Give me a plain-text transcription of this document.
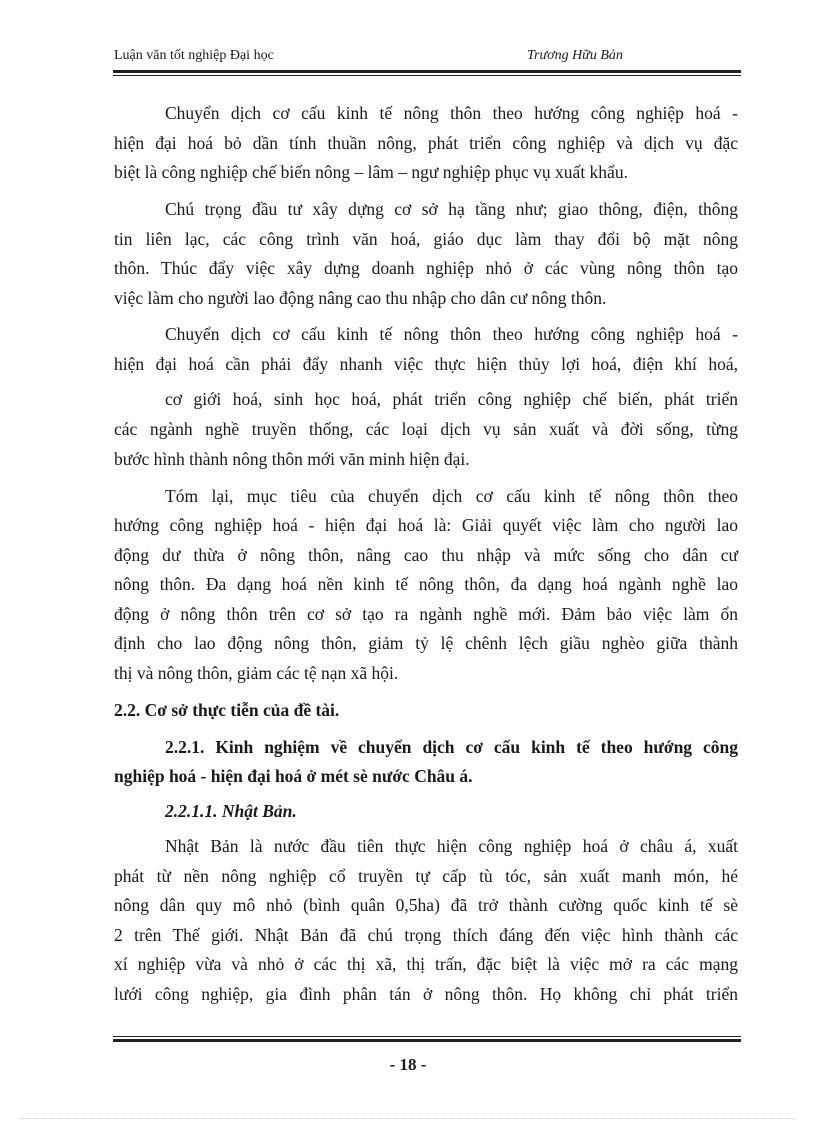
Luận văn tốt nghiệp Đại học	Trương Hữu Bản
Chuyển dịch cơ cấu kinh tế nông thôn theo hướng công nghiệp hoá -
hiện đại hoá bỏ dần tính thuần nông, phát triển công nghiệp và dịch vụ đặc
biệt là công nghiệp chế biến nông – lâm – ngư nghiệp phục vụ xuất khẩu.
Chú trọng đầu tư xây dựng cơ sở hạ tầng như; giao thông, điện, thông
tin liên lạc, các công trình văn hoá, giáo dục làm thay đổi bộ mặt nông
thôn. Thúc đẩy việc xây dựng doanh nghiệp nhỏ ở các vùng nông thôn tạo
việc làm cho người lao động nâng cao thu nhập cho dân cư nông thôn.
Chuyển dịch cơ cấu kinh tế nông thôn theo hướng công nghiệp hoá -
hiện đại hoá cần phải đẩy nhanh việc thực hiện thủy lợi hoá, điện khí hoá,
cơ giới hoá, sinh học hoá, phát triển công nghiệp chế biến, phát triển
các ngành nghề truyền thống, các loại dịch vụ sản xuất và đời sống, từng
bước hình thành nông thôn mới văn minh hiện đại.
Tóm lại, mục tiêu của chuyển dịch cơ cấu kinh tế nông thôn theo
hướng công nghiệp hoá - hiện đại hoá là: Giải quyết việc làm cho người lao
động dư thừa ở nông thôn, nâng cao thu nhập và mức sống cho dân cư
nông thôn. Đa dạng hoá nền kinh tế nông thôn, đa dạng hoá ngành nghề lao
động ở nông thôn trên cơ sở tạo ra ngành nghề mới. Đảm bảo việc làm ổn
định cho lao động nông thôn, giảm tỷ lệ chênh lệch giầu nghèo giữa thành
thị và nông thôn, giảm các tệ nạn xã hội.
2.2. Cơ sở thực tiễn của đề tài.
2.2.1. Kinh nghiệm về chuyển dịch cơ cấu kinh tế theo hướng công
nghiệp hoá - hiện đại hoá ở mét sè nước Châu á.
2.2.1.1. Nhật Bản.
Nhật Bản là nước đầu tiên thực hiện công nghiệp hoá ở châu á, xuất
phát từ nền nông nghiệp cổ truyền tự cấp tù tóc, sản xuất manh món, hé
nông dân quy mô nhỏ (bình quân 0,5ha) đã trở thành cường quốc kinh tế sè
2 trên Thế giới. Nhật Bản đã chú trọng thích đáng đến việc hình thành các
xí nghiệp vừa và nhỏ ở các thị xã, thị trấn, đặc biệt là việc mở ra các mạng
lưới công nghiệp, gia đình phân tán ở nông thôn. Họ không chỉ phát triển
- 18 -
